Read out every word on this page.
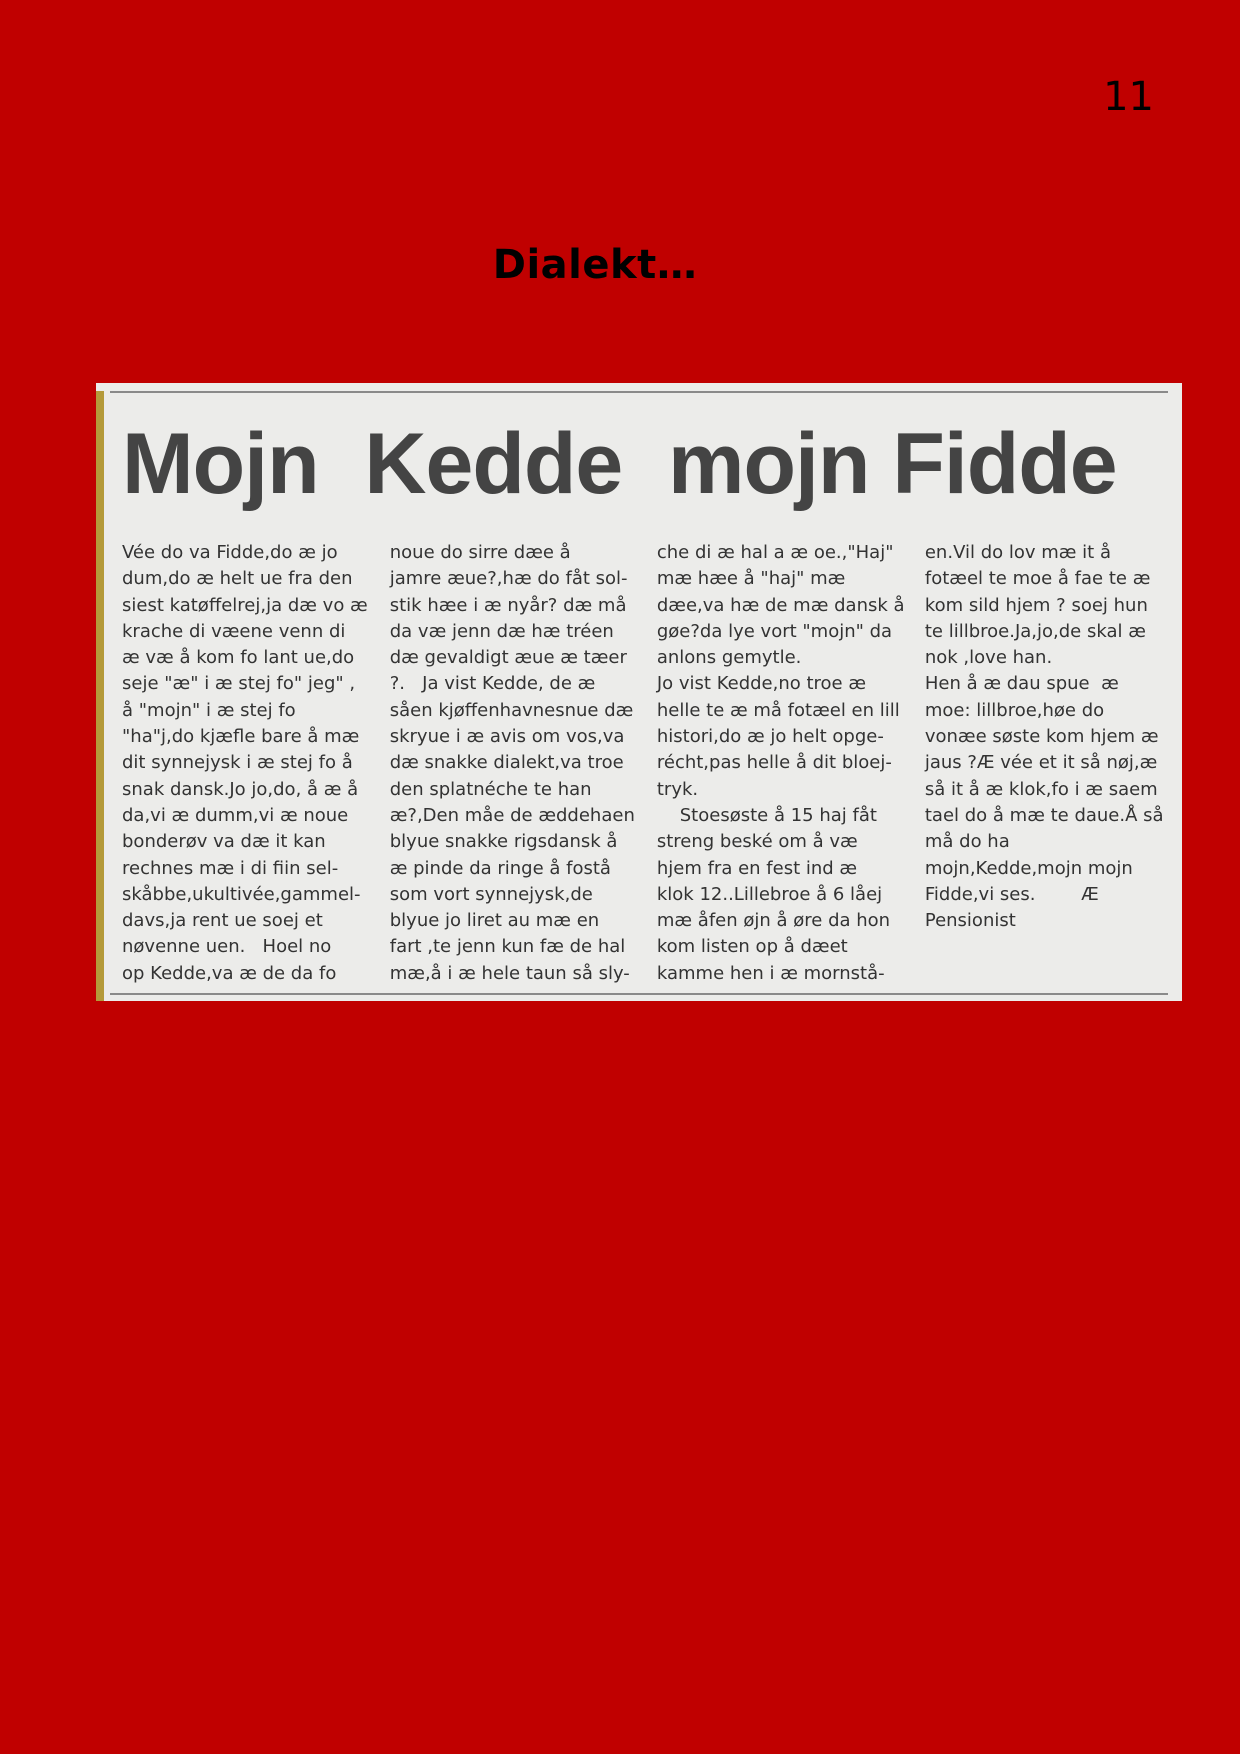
11
Dialekt…
Mojn  Kedde  mojn Fidde
Vée do va Fidde,do æ jo
dum,do æ helt ue fra den
siest katøffelrej,ja dæ vo æ
krache di væene venn di
æ væ å kom fo lant ue,do
seje "æ" i æ stej fo" jeg" ,
å "mojn" i æ stej fo
"ha"j,do kjæfle bare å mæ
dit synnejysk i æ stej fo å
snak dansk.Jo jo,do, å æ å
da,vi æ dumm,vi æ noue
bonderøv va dæ it kan
rechnes mæ i di fiin sel-
skåbbe,ukultivée,gammel-
davs,ja rent ue soej et
nøvenne uen.   Hoel no
op Kedde,va æ de da fo
noue do sirre dæe å
jamre æue?,hæ do fåt sol-
stik hæe i æ nyår? dæ må
da væ jenn dæ hæ tréen
dæ gevaldigt æue æ tæer
?.   Ja vist Kedde, de æ
såen kjøffenhavnesnue dæ
skryue i æ avis om vos,va
dæ snakke dialekt,va troe
den splatnéche te han
æ?,Den måe de æddehaen
blyue snakke rigsdansk å
æ pinde da ringe å fostå
som vort synnejysk,de
blyue jo liret au mæ en
fart ,te jenn kun fæ de hal
mæ,å i æ hele taun så sly-
che di æ hal a æ oe.,"Haj"
mæ hæe å "haj" mæ
dæe,va hæ de mæ dansk å
gøe?da lye vort "mojn" da
anlons gemytle.
Jo vist Kedde,no troe æ
helle te æ må fotæel en lill
histori,do æ jo helt opge-
récht,pas helle å dit bloej-
tryk.
Stoesøste å 15 haj fåt
streng beské om å væ
hjem fra en fest ind æ
klok 12..Lillebroe å 6 låej
mæ åfen øjn å øre da hon
kom listen op å dæet
kamme hen i æ mornstå-
en.Vil do lov mæ it å
fotæel te moe å fae te æ
kom sild hjem ? soej hun
te lillbroe.Ja,jo,de skal æ
nok ,love han.
Hen å æ dau spue  æ
moe: lillbroe,høe do
vonæe søste kom hjem æ
jaus ?Æ vée et it så nøj,æ
så it å æ klok,fo i æ saem
tael do å mæ te daue.Å så
må do ha
mojn,Kedde,mojn mojn
Fidde,vi ses.        Æ
Pensionist
